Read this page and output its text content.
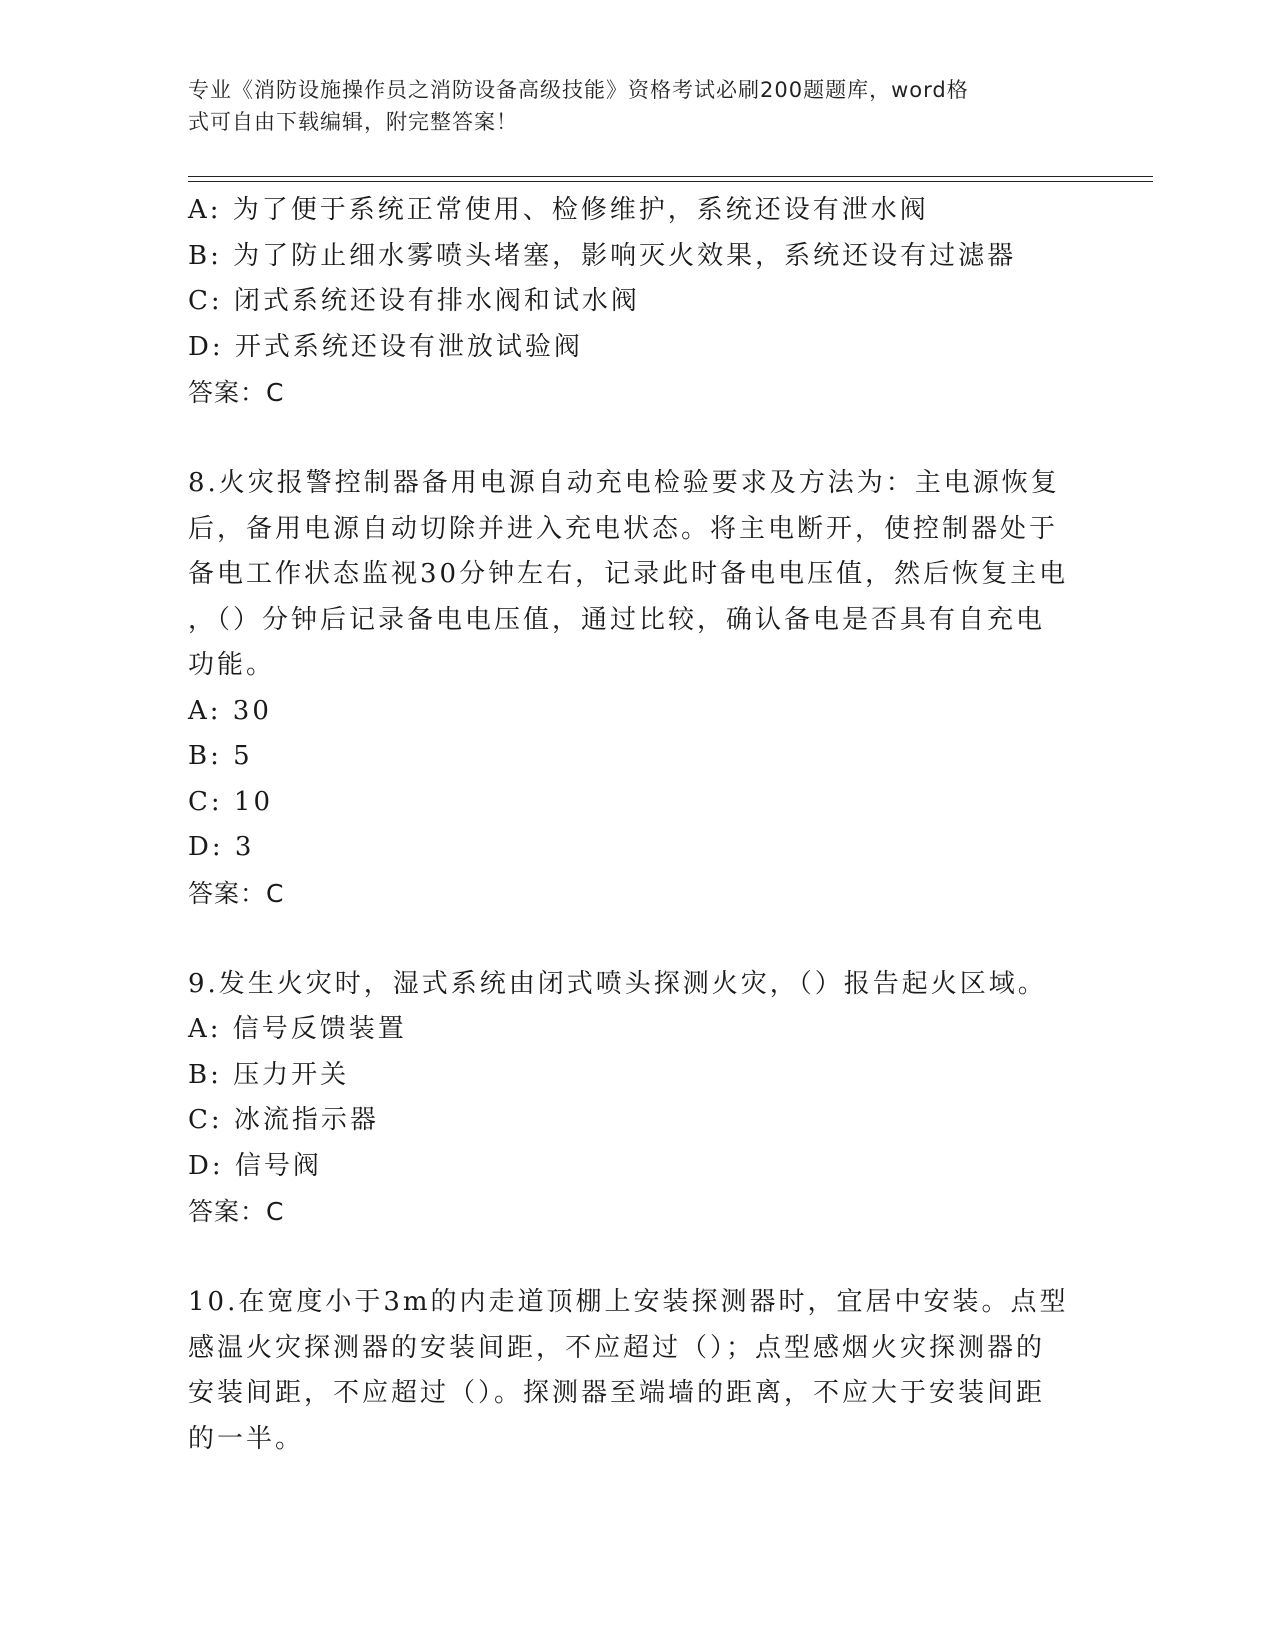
专业《消防设施操作员之消防设备高级技能》资格考试必刷200题题库，word格
式可自由下载编辑，附完整答案！
A: 为了便于系统正常使用、检修维护，系统还设有泄水阀
B: 为了防止细水雾喷头堵塞，影响灭火效果，系统还设有过滤器
C: 闭式系统还设有排水阀和试水阀
D: 开式系统还设有泄放试验阀
答案：C
8.火灾报警控制器备用电源自动充电检验要求及方法为：主电源恢复
后，备用电源自动切除并进入充电状态。将主电断开，使控制器处于
备电工作状态监视30分钟左右，记录此时备电电压值，然后恢复主电
，（）分钟后记录备电电压值，通过比较，确认备电是否具有自充电
功能。
A: 30
B: 5
C: 10
D: 3
答案：C
9.发生火灾时，湿式系统由闭式喷头探测火灾，（）报告起火区域。
A: 信号反馈装置
B: 压力开关
C: 冰流指示器
D: 信号阀
答案：C
10.在宽度小于3m的内走道顶棚上安装探测器时，宜居中安装。点型
感温火灾探测器的安装间距，不应超过（）；点型感烟火灾探测器的
安装间距，不应超过（）。探测器至端墙的距离，不应大于安装间距
的一半。
